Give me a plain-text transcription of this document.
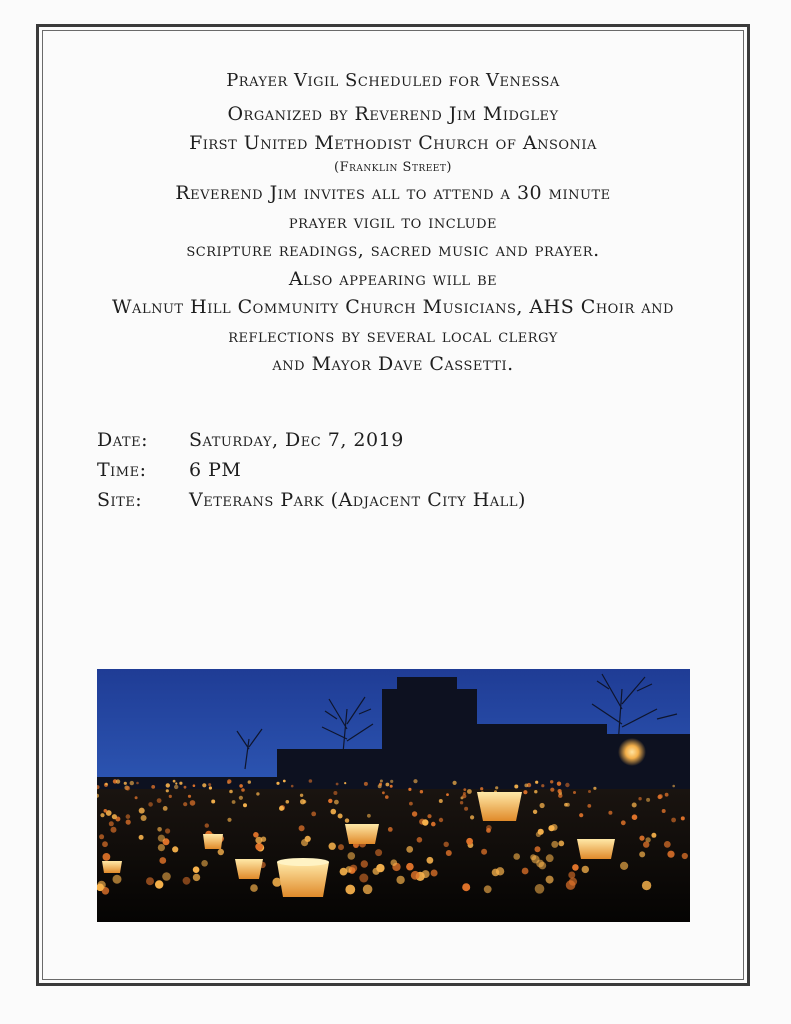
Prayer Vigil Scheduled for Venessa
Organized by Reverend Jim Midgley
First United Methodist Church of Ansonia
(Franklin Street)
Reverend Jim invites all to attend a 30 minute
prayer vigil to include
scripture readings, sacred music and prayer.
Also appearing will be
Walnut Hill Community Church Musicians, AHS Choir and
reflections by several local clergy
and Mayor Dave Cassetti.
Date: Saturday, Dec 7, 2019
Time: 6 PM
Site: Veterans Park (Adjacent City Hall)
